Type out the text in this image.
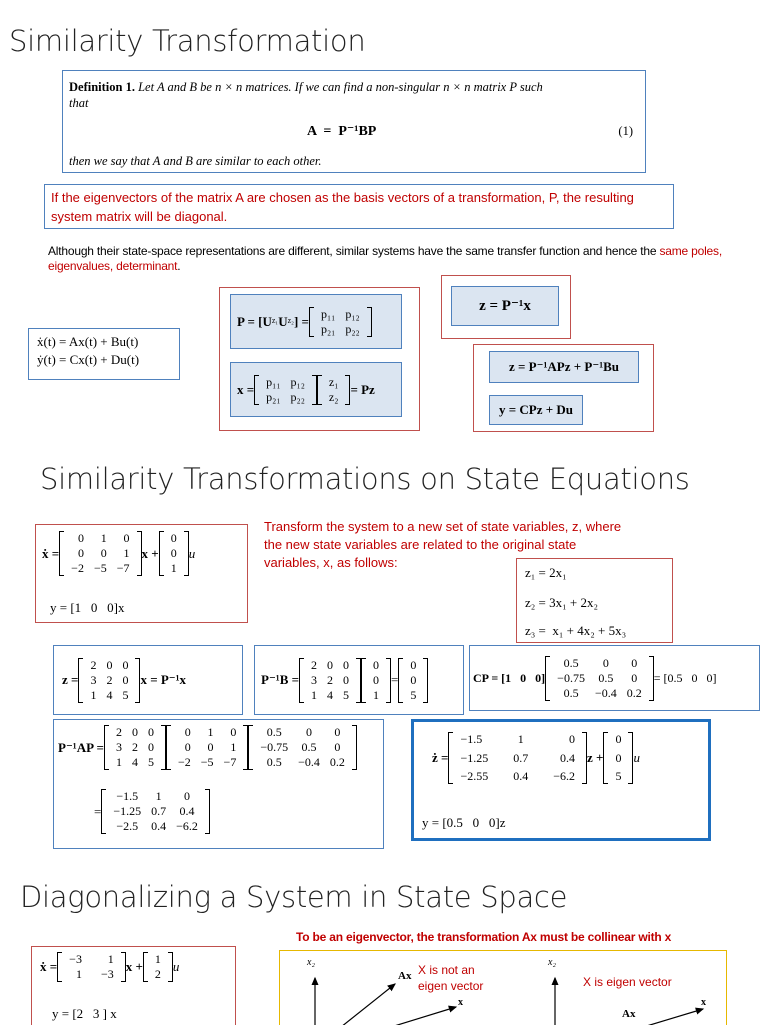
Similarity Transformation
Definition 1. Let A and B be n × n matrices. If we can find a non-singular n × n matrix P such
that
A  =  P⁻¹BP	(1)
then we say that A and B are similar to each other.
If the eigenvectors of the matrix A are chosen as the basis vectors of a transformation, P, the resulting system matrix will be diagonal.
Although their state-space representations are different, similar systems have the same transfer function and hence the same poles, eigenvalues, determinant.
ẋ(t) = Ax(t) + Bu(t)
ẏ(t) = Cx(t) + Du(t)
P = [U z₁ U z₂ ] =
p₁₁	p₁₂
p₂₁	p₂₂
x =
p₁₁	p₁₂
p₂₁	p₂₂
z₁
z₂ = Pz
z = P⁻¹x
z = P⁻¹APz + P⁻¹Bu
y = CPz + Du
Similarity Transformations on State Equations
ẋ =
0	1	0
0	0	1
−2	−5	−7
x +
0
0
1
u
y = [1   0   0]x
Transform the system to a new set of state variables, z, where the new state variables are related to the original state variables, x, as follows:
z₁ = 2x₁
z₂ = 3x₁ + 2x₂
z₃ =  x₁ + 4x₂ + 5x₃
z =
2	0	0
3	2	0
1	4	5
x = P⁻¹x	P⁻¹B =
2	0	0
3	2	0
1	4	5
0
0
1
=
0
0
5
CP = [1   0   0]
0.5	0	0
−0.75	0.5	0
0.5	−0.4	0.2
= [0.5   0   0]
P⁻¹AP =
2	0	0
3	2	0
1	4	5
0	1	0
0	0	1
−2	−5	−7
0.5	0	0
−0.75	0.5	0
0.5	−0.4	0.2
=
−1.5	1	0
−1.25	0.7	0.4
−2.5	0.4	−6.2
ż =
−1.5	1	0
−1.25	0.7	0.4
−2.55	0.4	−6.2
z +
0
0
5
u
y = [0.5   0   0]z
Diagonalizing a System in State Space
ẋ =
−3	1
1	−3 x +
1
2 u
y = [2   3 ] x
To be an eigenvector, the transformation Ax must be collinear with x
x₂
Ax
x
X is not an eigen vector
x₂
X is eigen vector
x
Ax
